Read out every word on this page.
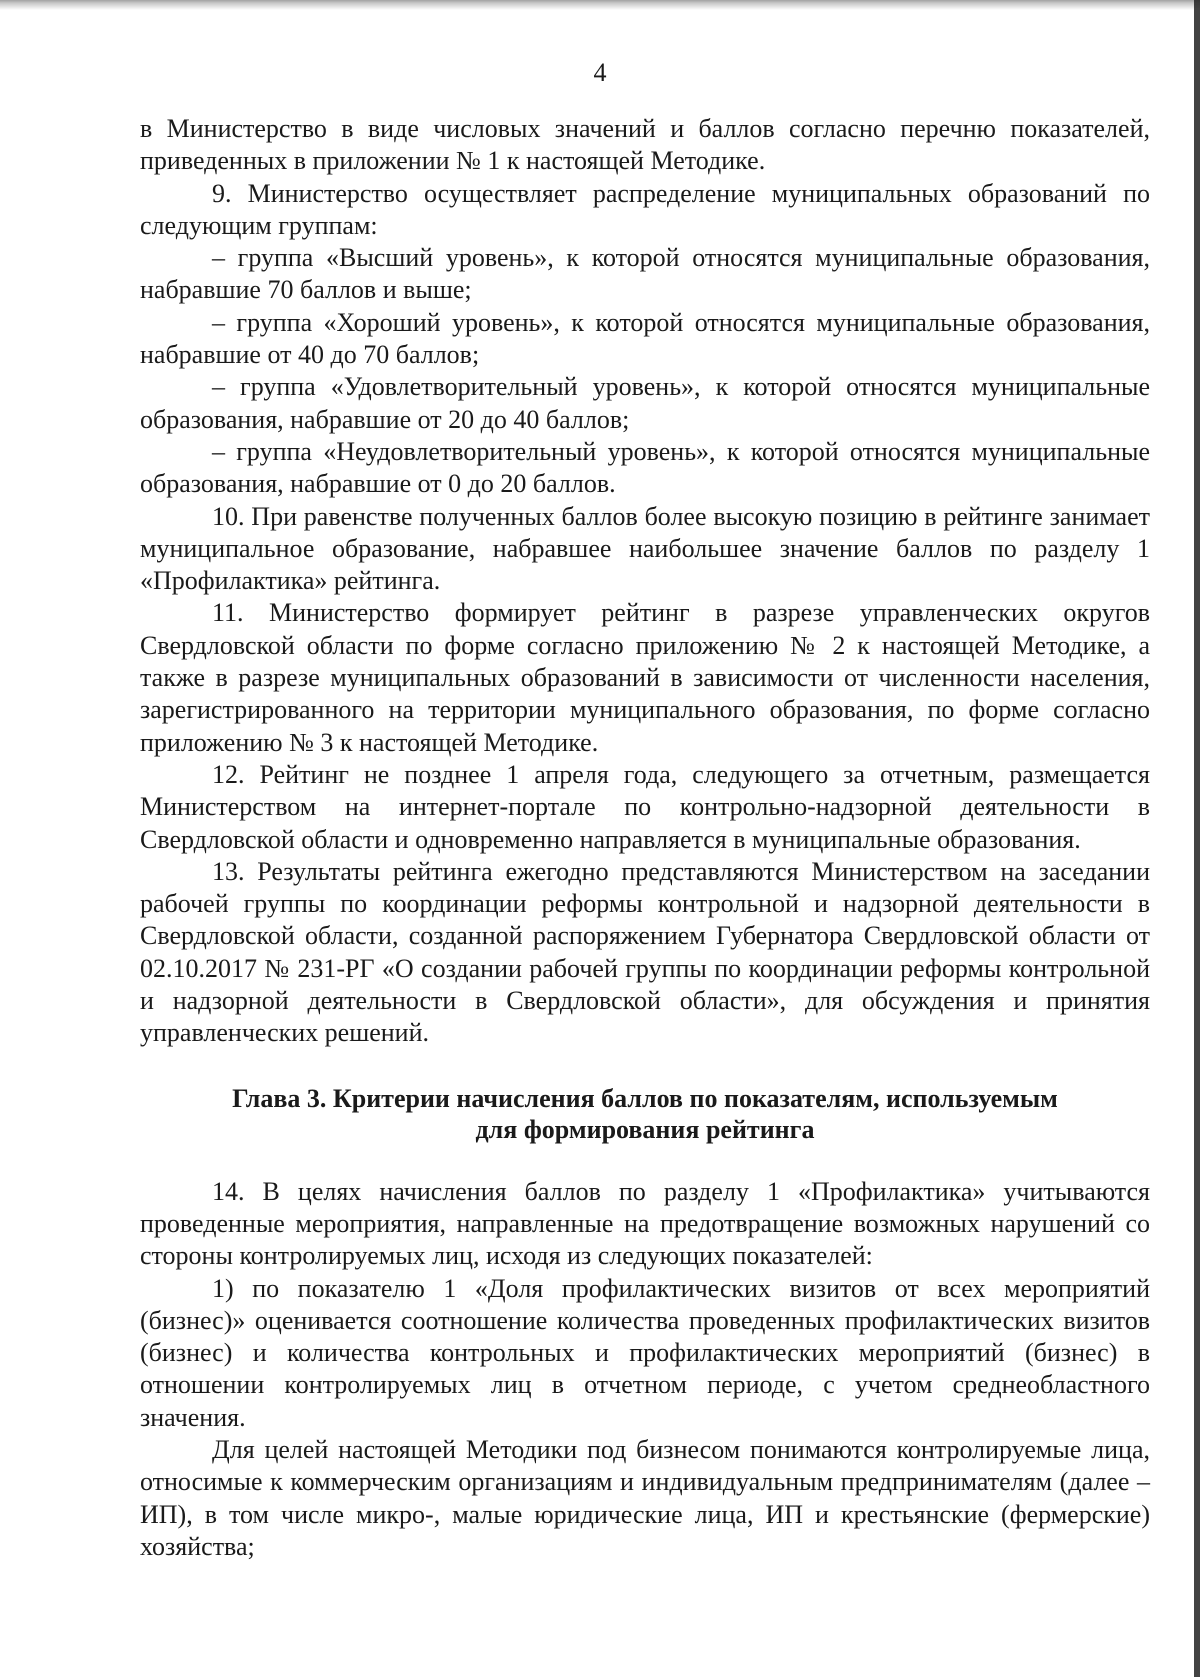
4

в Министерство в виде числовых значений и баллов согласно перечню показателей, приведенных в приложении № 1 к настоящей Методике.

9. Министерство осуществляет распределение муниципальных образований по следующим группам:

– группа «Высший уровень», к которой относятся муниципальные образования, набравшие 70 баллов и выше;

– группа «Хороший уровень», к которой относятся муниципальные образования, набравшие от 40 до 70 баллов;

– группа «Удовлетворительный уровень», к которой относятся муниципальные образования, набравшие от 20 до 40 баллов;

– группа «Неудовлетворительный уровень», к которой относятся муниципальные образования, набравшие от 0 до 20 баллов.

10. При равенстве полученных баллов более высокую позицию в рейтинге занимает муниципальное образование, набравшее наибольшее значение баллов по разделу 1 «Профилактика» рейтинга.

11. Министерство формирует рейтинг в разрезе управленческих округов Свердловской области по форме согласно приложению № 2 к настоящей Методике, а также в разрезе муниципальных образований в зависимости от численности населения, зарегистрированного на территории муниципального образования, по форме согласно приложению № 3 к настоящей Методике.

12. Рейтинг не позднее 1 апреля года, следующего за отчетным, размещается Министерством на интернет-портале по контрольно-надзорной деятельности в Свердловской области и одновременно направляется в муниципальные образования.

13. Результаты рейтинга ежегодно представляются Министерством на заседании рабочей группы по координации реформы контрольной и надзорной деятельности в Свердловской области, созданной распоряжением Губернатора Свердловской области от 02.10.2017 № 231-РГ «О создании рабочей группы по координации реформы контрольной и надзорной деятельности в Свердловской области», для обсуждения и принятия управленческих решений.

Глава 3. Критерии начисления баллов по показателям, используемым
для формирования рейтинга

14. В целях начисления баллов по разделу 1 «Профилактика» учитываются проведенные мероприятия, направленные на предотвращение возможных нарушений со стороны контролируемых лиц, исходя из следующих показателей:

1) по показателю 1 «Доля профилактических визитов от всех мероприятий (бизнес)» оценивается соотношение количества проведенных профилактических визитов (бизнес) и количества контрольных и профилактических мероприятий (бизнес) в отношении контролируемых лиц в отчетном периоде, с учетом среднеобластного значения.

Для целей настоящей Методики под бизнесом понимаются контролируемые лица, относимые к коммерческим организациям и индивидуальным предпринимателям (далее – ИП), в том числе микро-, малые юридические лица, ИП и крестьянские (фермерские) хозяйства;
